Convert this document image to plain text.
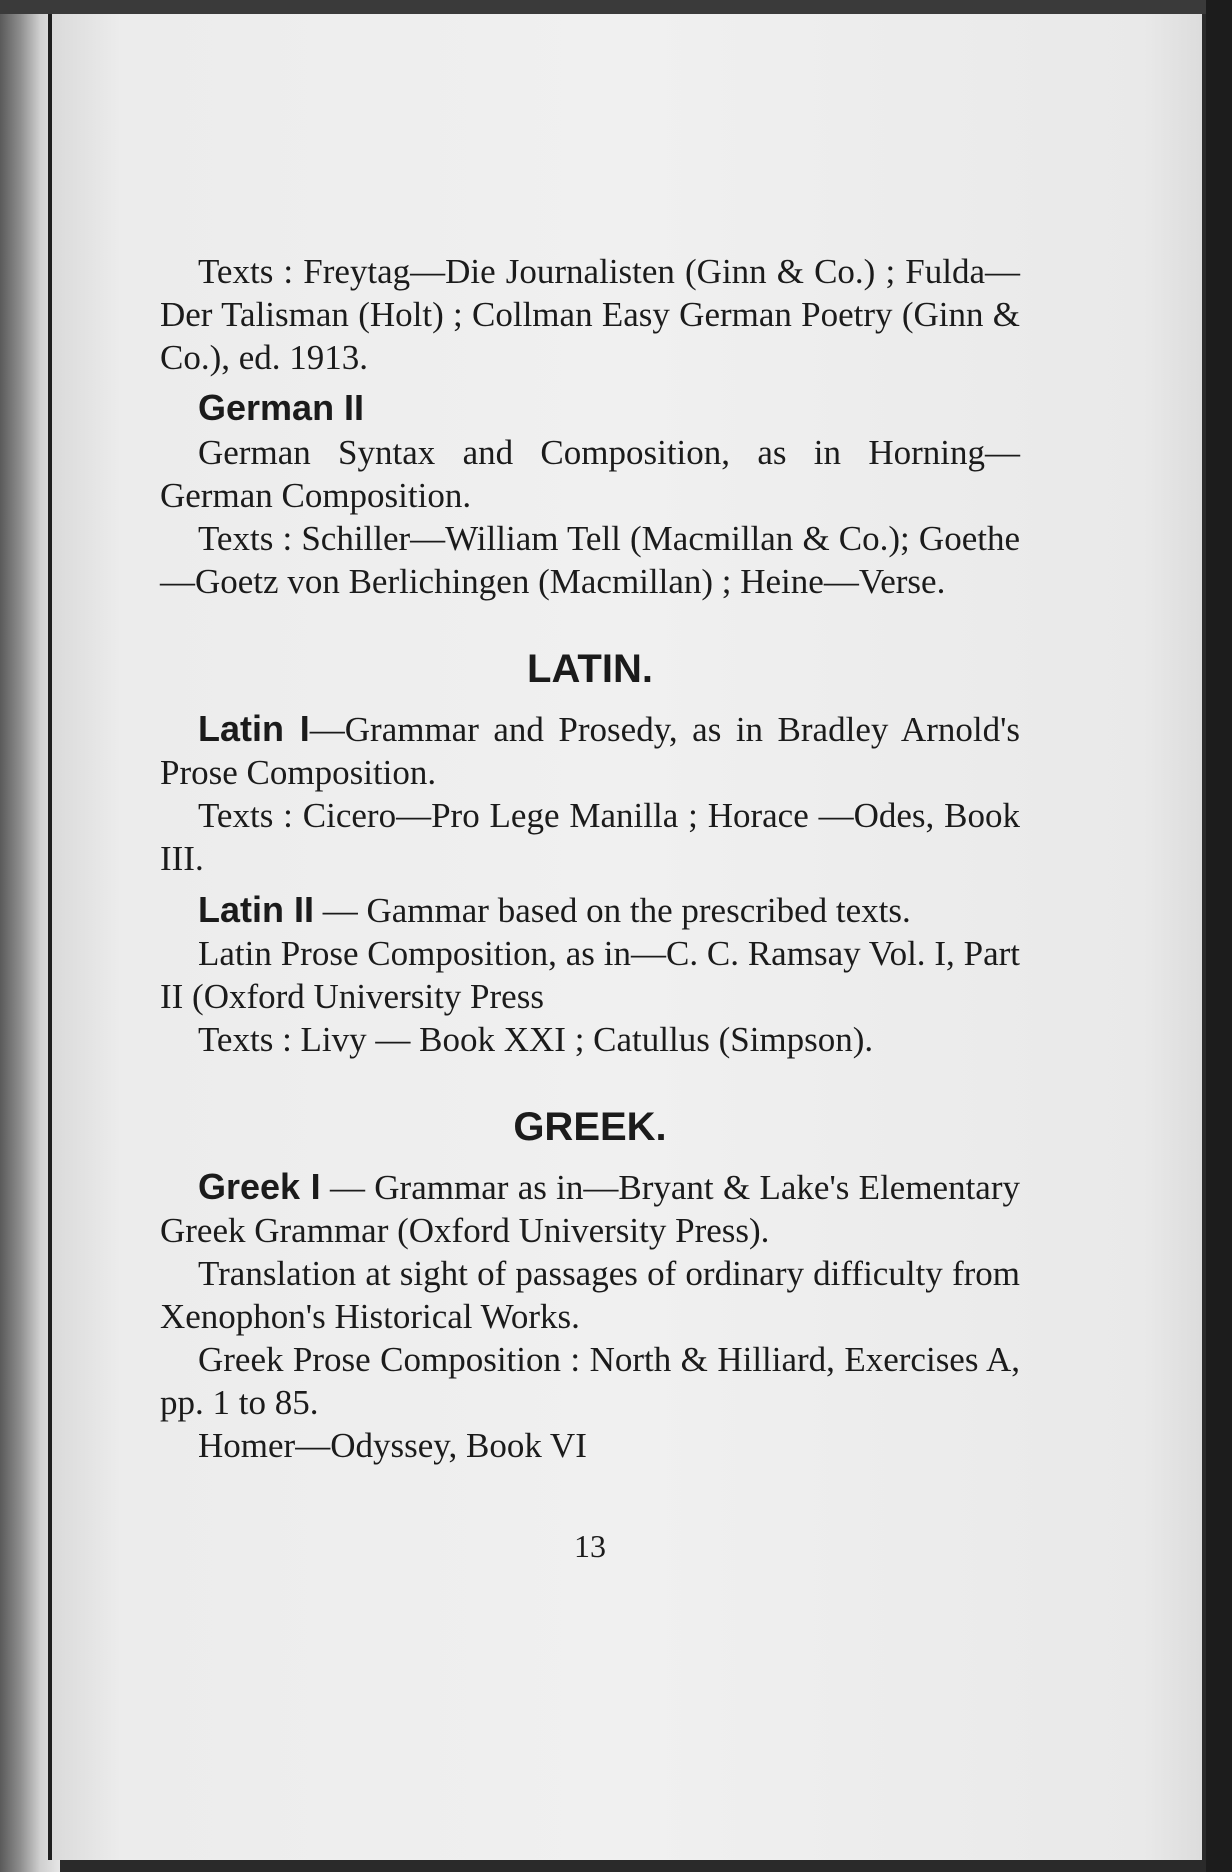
Texts : Freytag—Die Journalisten (Ginn & Co.) ; Fulda—Der Talisman (Holt) ; Collman Easy German Poetry (Ginn & Co.), ed. 1913.

German II

German Syntax and Composition, as in Horning—German Composition.

Texts : Schiller—William Tell (Macmillan & Co.); Goethe—Goetz von Berlichingen (Macmillan) ; Heine—Verse.

LATIN.

Latin I—Grammar and Prosedy, as in Bradley Arnold's Prose Composition.

Texts : Cicero—Pro Lege Manilla ; Horace —Odes, Book III.

Latin II — Gammar based on the prescribed texts.

Latin Prose Composition, as in—C. C. Ramsay Vol. I, Part II (Oxford University Press

Texts : Livy — Book XXI ; Catullus (Simpson).

GREEK.

Greek I — Grammar as in—Bryant & Lake's Elementary Greek Grammar (Oxford University Press).

Translation at sight of passages of ordinary difficulty from Xenophon's Historical Works.

Greek Prose Composition : North & Hilliard, Exercises A, pp. 1 to 85.

Homer—Odyssey, Book VI

13
